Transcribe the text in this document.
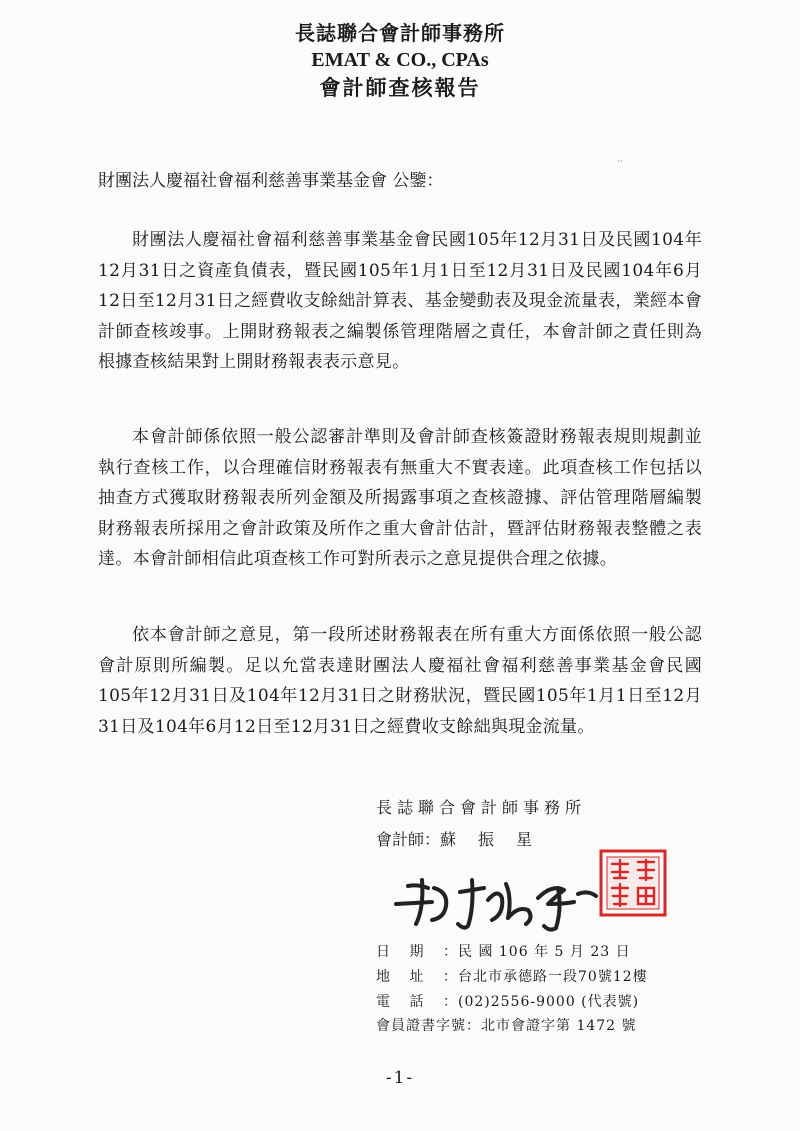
長誌聯合會計師事務所
EMAT & CO., CPAs
會計師查核報告
⸒⸒
財團法人慶福社會福利慈善事業基金會 公鑒：

財團法人慶福社會福利慈善事業基金會民國105年12月31日及民國104年12月31日之資產負債表，暨民國105年1月1日至12月31日及民國104年6月12日至12月31日之經費收支餘絀計算表、基金變動表及現金流量表，業經本會計師查核竣事。上開財務報表之編製係管理階層之責任，本會計師之責任則為根據查核結果對上開財務報表表示意見。

本會計師係依照一般公認審計準則及會計師查核簽證財務報表規則規劃並執行查核工作，以合理確信財務報表有無重大不實表達。此項查核工作包括以抽查方式獲取財務報表所列金額及所揭露事項之查核證據、評估管理階層編製財務報表所採用之會計政策及所作之重大會計估計，暨評估財務報表整體之表達。本會計師相信此項查核工作可對所表示之意見提供合理之依據。

依本會計師之意見，第一段所述財務報表在所有重大方面係依照一般公認會計原則所編製。足以允當表達財團法人慶福社會福利慈善事業基金會民國105年12月31日及104年12月31日之財務狀況，暨民國105年1月1日至12月31日及104年6月12日至12月31日之經費收支餘絀與現金流量。

長誌聯合會計師事務所
會計師：蘇振星
日期：民 國 106 年 5 月 23 日
地址：台北市承德路一段70號12樓
電話：(02)2556-9000 (代表號)
會員證書字號：北市會證字第 1472 號
-1-
